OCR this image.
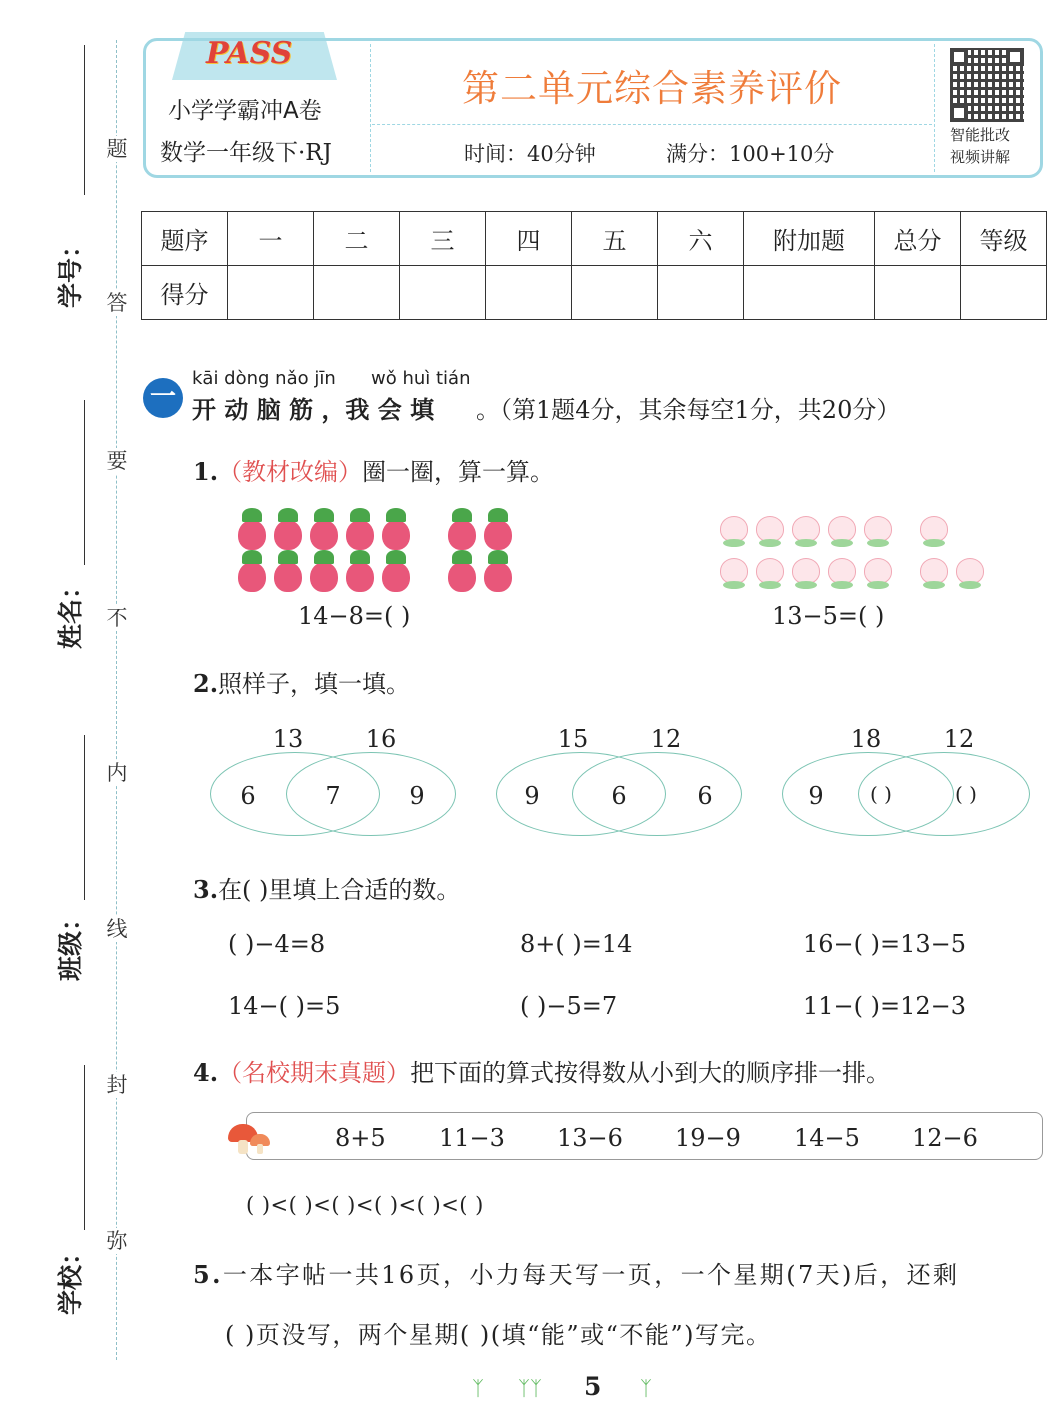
学号：
姓名：
班级：
学校：
题
答
要
不
内
线
封
弥
PASS
小学学霸冲A卷
数学一年级下·RJ
第二单元综合素养评价
时间：40分钟	满分：100+10分
智能批改
视频讲解
题序	一	二	三	四	五	六	附加题	总分	等级
得分									
一
kāi dòng nǎo jīn wǒ huì tián
开 动 脑 筋 ，我 会 填 。（第1题4分，其余每空1分，共20分）
1.（教材改编）圈一圈，算一算。
14−8=( )	13−5=( )
2.照样子，填一填。
13	16
6	7	9
15	12
9	6	6
18	12
9	( )	( )
3.在( )里填上合适的数。
( )−4=8	8+( )=14	16−( )=13−5
14−( )=5	( )−5=7	11−( )=12−3
4.（名校期末真题）把下面的算式按得数从小到大的顺序排一排。
8+5 11−3 13−6 19−9 14−5 12−6
( )<( )<( )<( )<( )<( )
5.一本字帖一共16页，小力每天写一页，一个星期(7天)后，还剩
( )页没写，两个星期( )(填“能”或“不能”)写完。
ᛉ ᛉᛉ 5 ᛉ
